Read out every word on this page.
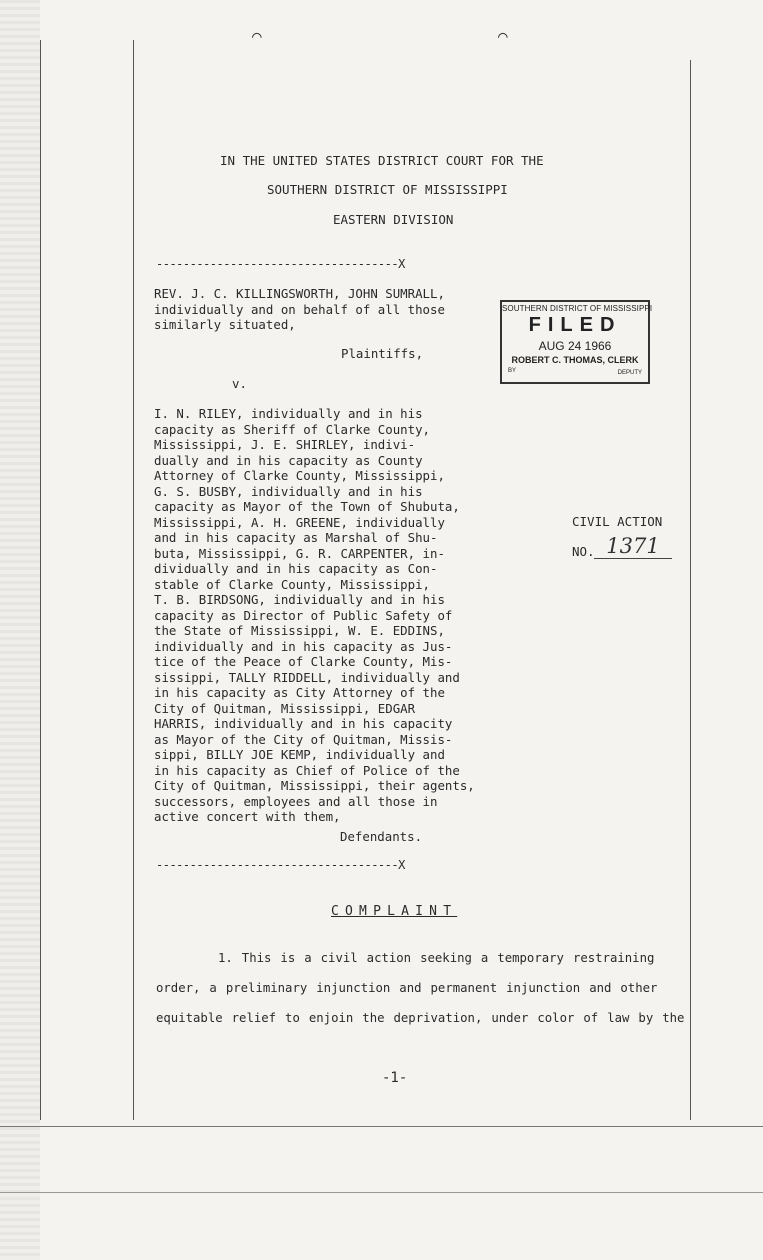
⌒	⌒
IN THE UNITED STATES DISTRICT COURT FOR THE
SOUTHERN DISTRICT OF MISSISSIPPI
EASTERN DIVISION
------------------------------------X
REV. J. C. KILLINGSWORTH, JOHN SUMRALL,
individually and on behalf of all those
similarly situated,
Plaintiffs,
v.
I. N. RILEY, individually and in his
capacity as Sheriff of Clarke County,
Mississippi, J. E. SHIRLEY, indivi-
dually and in his capacity as County
Attorney of Clarke County, Mississippi,
G. S. BUSBY, individually and in his
capacity as Mayor of the Town of Shubuta,
Mississippi, A. H. GREENE, individually
and in his capacity as Marshal of Shu-
buta, Mississippi, G. R. CARPENTER, in-
dividually and in his capacity as Con-
stable of Clarke County, Mississippi,
T. B. BIRDSONG, individually and in his
capacity as Director of Public Safety of
the State of Mississippi, W. E. EDDINS,
individually and in his capacity as Jus-
tice of the Peace of Clarke County, Mis-
sissippi, TALLY RIDDELL, individually and
in his capacity as City Attorney of the
City of Quitman, Mississippi, EDGAR
HARRIS, individually and in his capacity
as Mayor of the City of Quitman, Missis-
sippi, BILLY JOE KEMP, individually and
in his capacity as Chief of Police of the
City of Quitman, Mississippi, their agents,
successors, employees and all those in
active concert with them,
Defendants.
------------------------------------X
SOUTHERN DISTRICT OF MISSISSIPPI
FILED
AUG 24 1966
ROBERT C. THOMAS, CLERK
BY	DEPUTY
CIVIL ACTION
NO. 1371
COMPLAINT
1. This is a civil action seeking a temporary restraining
order, a preliminary injunction and permanent injunction and other
equitable relief to enjoin the deprivation, under color of law by the
-1-
